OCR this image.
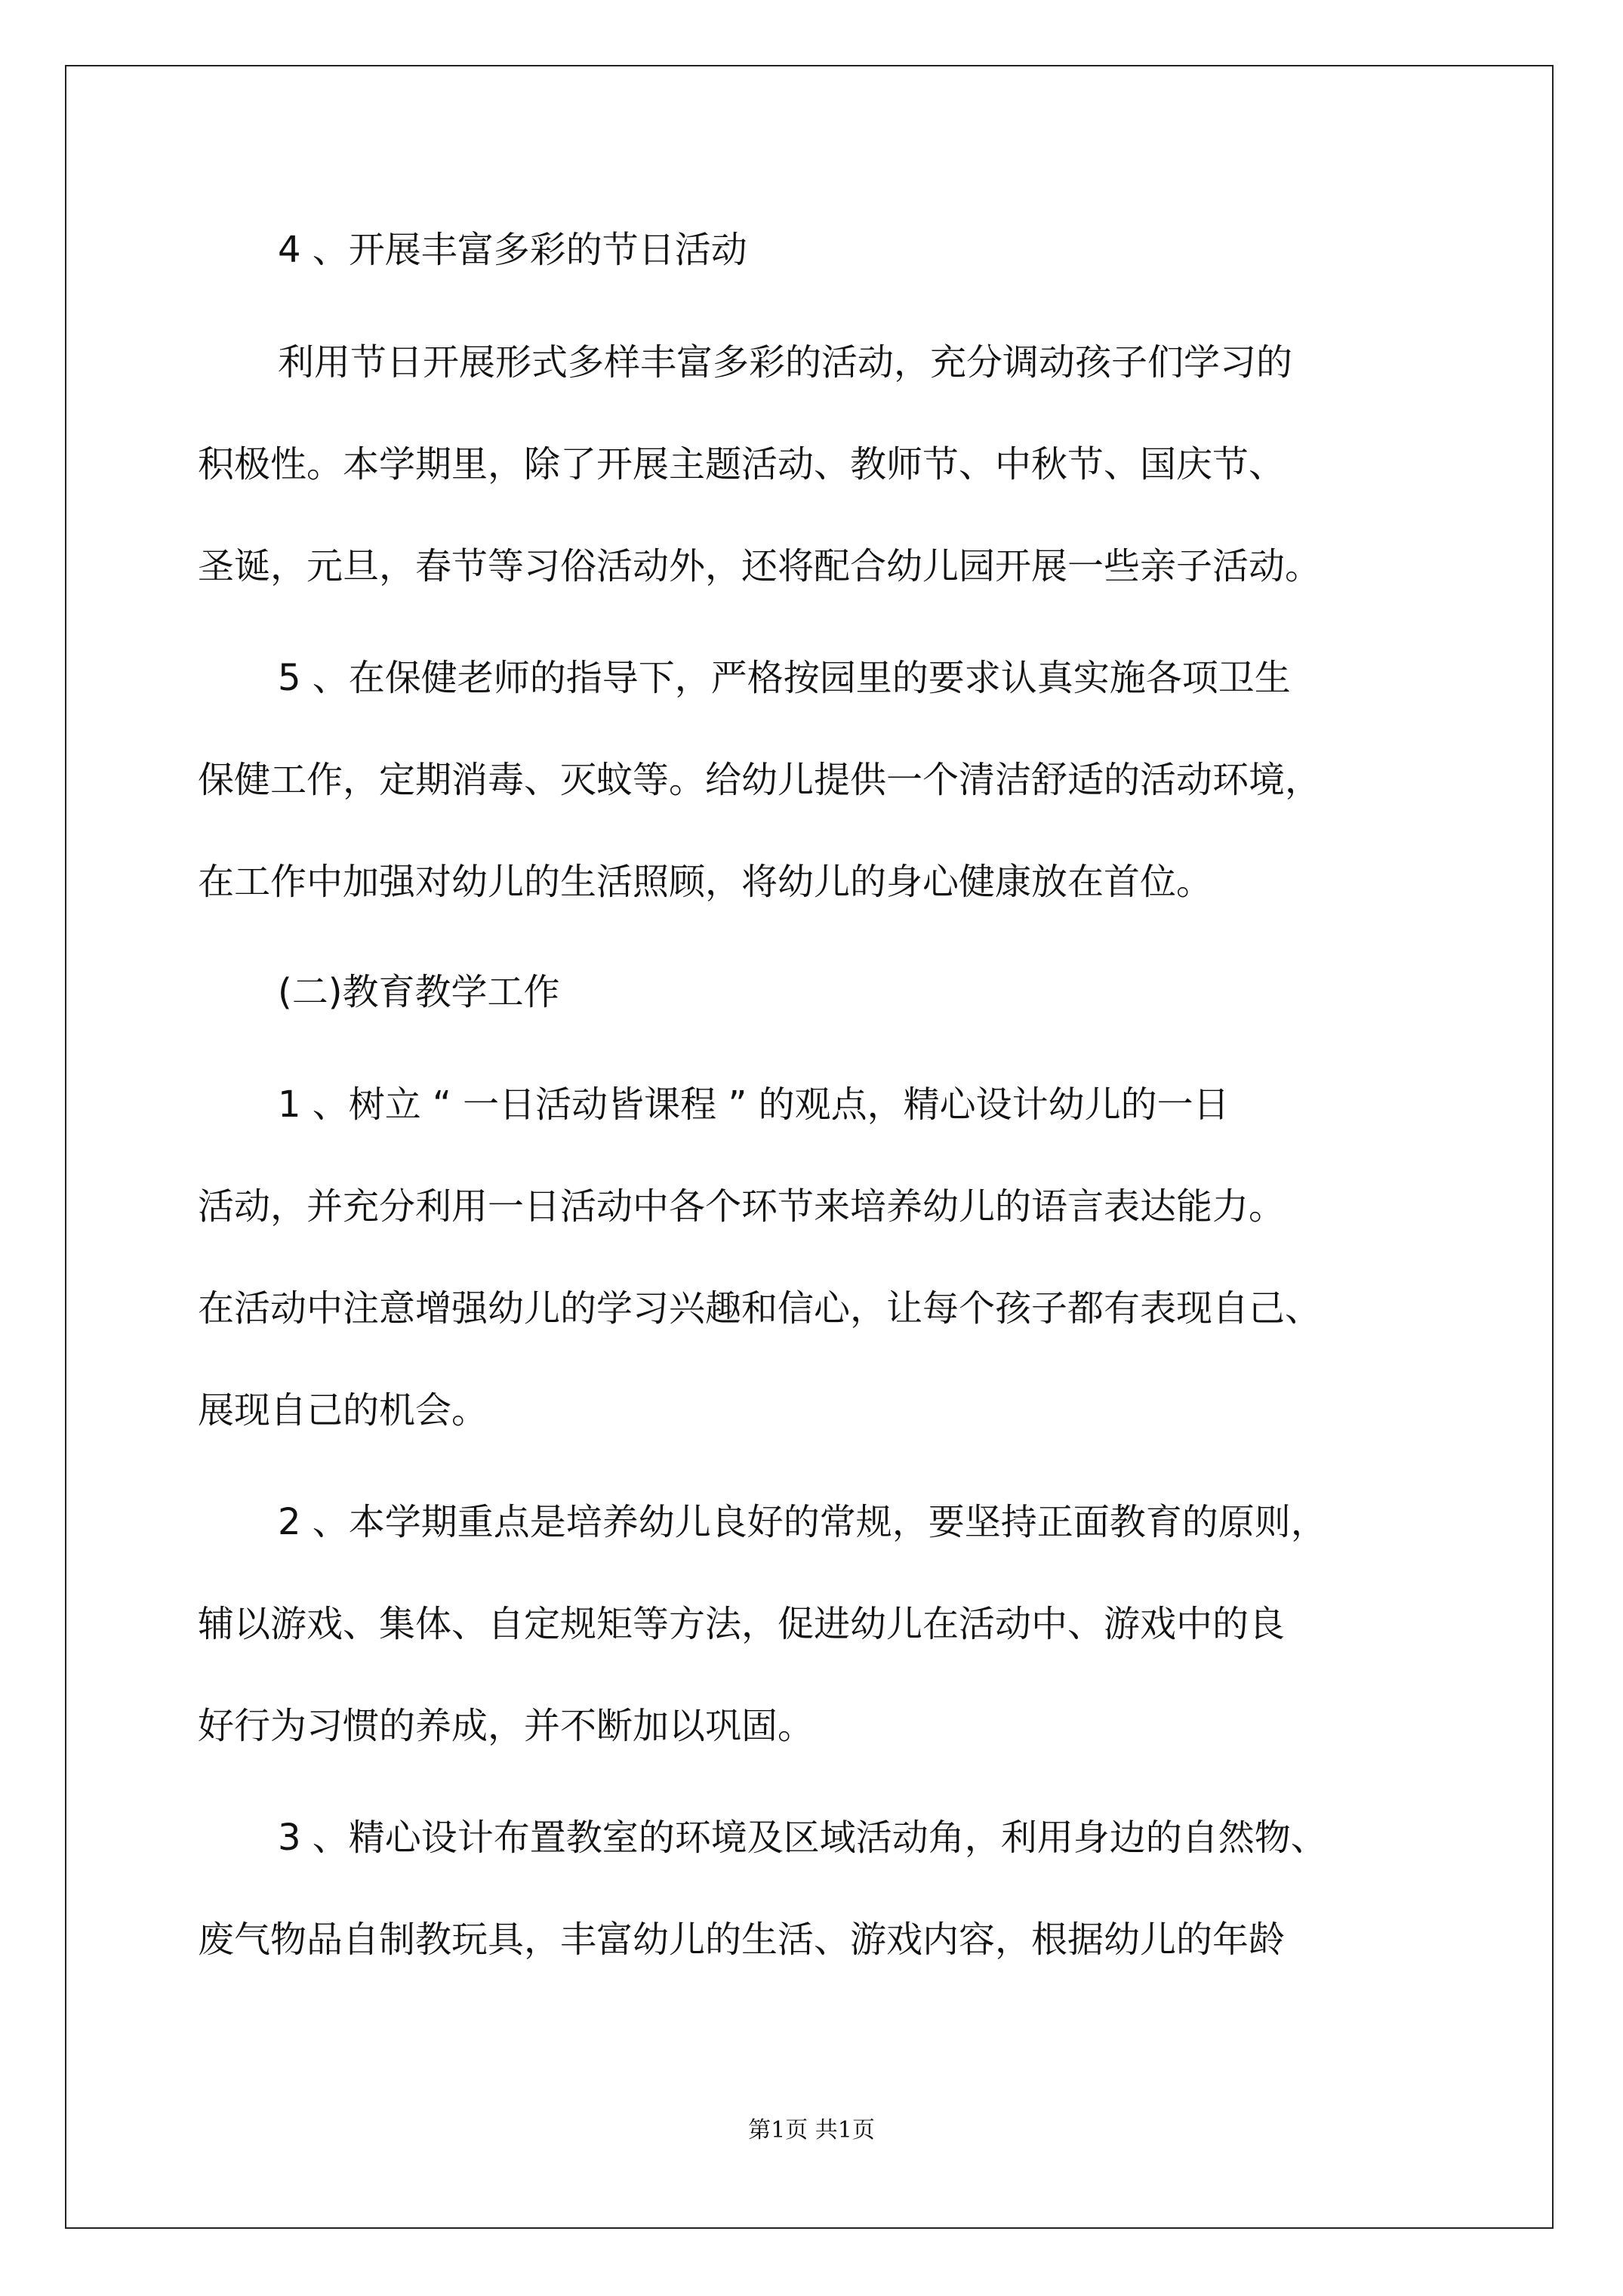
4 、开展丰富多彩的节日活动
利用节日开展形式多样丰富多彩的活动，充分调动孩子们学习的
积极性。本学期里，除了开展主题活动、教师节、中秋节、国庆节、
圣诞，元旦，春节等习俗活动外，还将配合幼儿园开展一些亲子活动。
5 、在保健老师的指导下，严格按园里的要求认真实施各项卫生
保健工作，定期消毒、灭蚊等。给幼儿提供一个清洁舒适的活动环境，
在工作中加强对幼儿的生活照顾，将幼儿的身心健康放在首位。
(二)教育教学工作
1 、树立 “ 一日活动皆课程 ” 的观点，精心设计幼儿的一日
活动，并充分利用一日活动中各个环节来培养幼儿的语言表达能力。
在活动中注意增强幼儿的学习兴趣和信心，让每个孩子都有表现自己、
展现自己的机会。
2 、本学期重点是培养幼儿良好的常规，要坚持正面教育的原则，
辅以游戏、集体、自定规矩等方法，促进幼儿在活动中、游戏中的良
好行为习惯的养成，并不断加以巩固。
3 、精心设计布置教室的环境及区域活动角，利用身边的自然物、
废气物品自制教玩具，丰富幼儿的生活、游戏内容，根据幼儿的年龄
第1页 共1页
